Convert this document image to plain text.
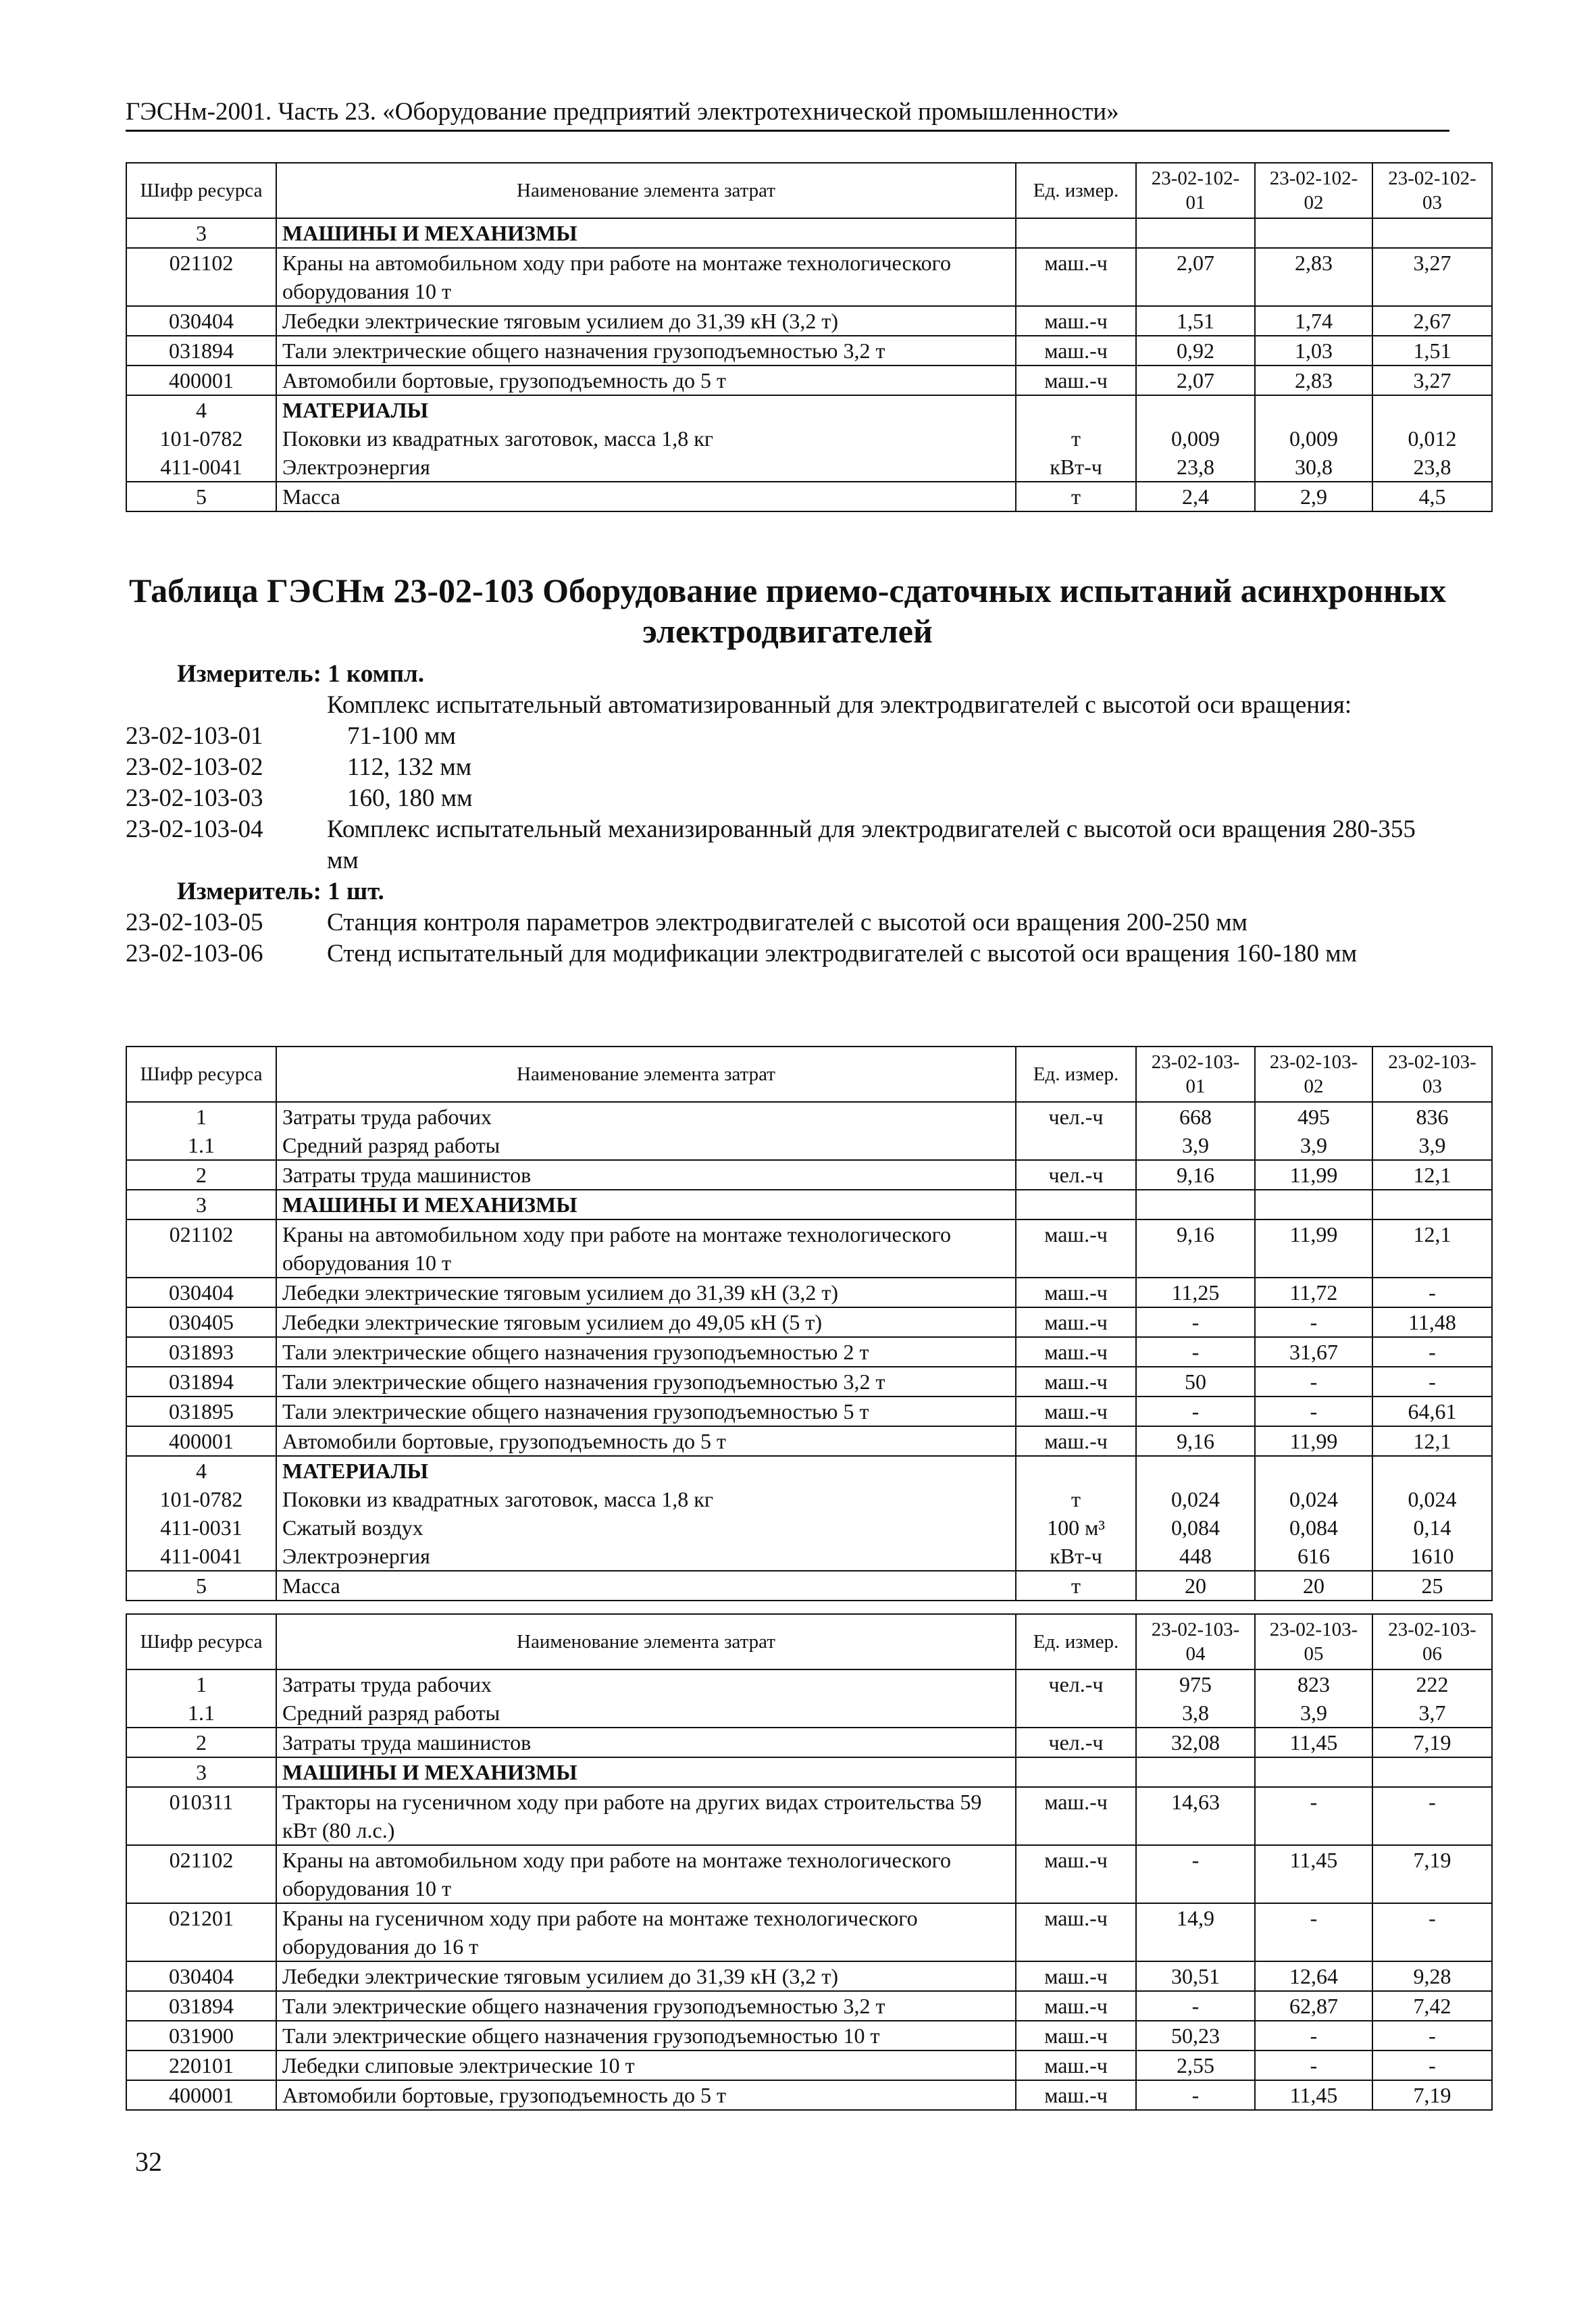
ГЭСНм-2001. Часть 23. «Оборудование предприятий электротехнической промышленности»
Шифр ресурса	Наименование элемента затрат	Ед. измер.	23-02-102-01	23-02-102-02	23-02-102-03
3	МАШИНЫ И МЕХАНИЗМЫ				
021102	Краны на автомобильном ходу при работе на монтаже технологического оборудования 10 т	маш.-ч	2,07	2,83	3,27
030404	Лебедки электрические тяговым усилием до 31,39 кН (3,2 т)	маш.-ч	1,51	1,74	2,67
031894	Тали электрические общего назначения грузоподъемностью 3,2 т	маш.-ч	0,92	1,03	1,51
400001	Автомобили бортовые, грузоподъемность до 5 т	маш.-ч	2,07	2,83	3,27
4	МАТЕРИАЛЫ				
101-0782	Поковки из квадратных заготовок, масса 1,8 кг	т	0,009	0,009	0,012
411-0041	Электроэнергия	кВт-ч	23,8	30,8	23,8
5	Масса	т	2,4	2,9	4,5
Таблица ГЭСНм 23-02-103 Оборудование приемо-сдаточных испытаний асинхронных электродвигателей
Измеритель: 1 компл.
Комплекс испытательный автоматизированный для электродвигателей с высотой оси вращения:
23-02-103-01	71-100 мм
23-02-103-02	112, 132 мм
23-02-103-03	160, 180 мм
23-02-103-04	Комплекс испытательный механизированный для электродвигателей с высотой оси вращения 280-355 мм
Измеритель: 1 шт.
23-02-103-05	Станция контроля параметров электродвигателей с высотой оси вращения 200-250 мм
23-02-103-06	Стенд испытательный для модификации электродвигателей с высотой оси вращения 160-180 мм
Шифр ресурса	Наименование элемента затрат	Ед. измер.	23-02-103-01	23-02-103-02	23-02-103-03
1	Затраты труда рабочих	чел.-ч	668	495	836
1.1	Средний разряд работы		3,9	3,9	3,9
2	Затраты труда машинистов	чел.-ч	9,16	11,99	12,1
3	МАШИНЫ И МЕХАНИЗМЫ				
021102	Краны на автомобильном ходу при работе на монтаже технологического оборудования 10 т	маш.-ч	9,16	11,99	12,1
030404	Лебедки электрические тяговым усилием до 31,39 кН (3,2 т)	маш.-ч	11,25	11,72	-
030405	Лебедки электрические тяговым усилием до 49,05 кН (5 т)	маш.-ч	-	-	11,48
031893	Тали электрические общего назначения грузоподъемностью 2 т	маш.-ч	-	31,67	-
031894	Тали электрические общего назначения грузоподъемностью 3,2 т	маш.-ч	50	-	-
031895	Тали электрические общего назначения грузоподъемностью 5 т	маш.-ч	-	-	64,61
400001	Автомобили бортовые, грузоподъемность до 5 т	маш.-ч	9,16	11,99	12,1
4	МАТЕРИАЛЫ				
101-0782	Поковки из квадратных заготовок, масса 1,8 кг	т	0,024	0,024	0,024
411-0031	Сжатый воздух	100 м³	0,084	0,084	0,14
411-0041	Электроэнергия	кВт-ч	448	616	1610
5	Масса	т	20	20	25
Шифр ресурса	Наименование элемента затрат	Ед. измер.	23-02-103-04	23-02-103-05	23-02-103-06
1	Затраты труда рабочих	чел.-ч	975	823	222
1.1	Средний разряд работы		3,8	3,9	3,7
2	Затраты труда машинистов	чел.-ч	32,08	11,45	7,19
3	МАШИНЫ И МЕХАНИЗМЫ				
010311	Тракторы на гусеничном ходу при работе на других видах строительства 59 кВт (80 л.с.)	маш.-ч	14,63	-	-
021102	Краны на автомобильном ходу при работе на монтаже технологического оборудования 10 т	маш.-ч	-	11,45	7,19
021201	Краны на гусеничном ходу при работе на монтаже технологического оборудования до 16 т	маш.-ч	14,9	-	-
030404	Лебедки электрические тяговым усилием до 31,39 кН (3,2 т)	маш.-ч	30,51	12,64	9,28
031894	Тали электрические общего назначения грузоподъемностью 3,2 т	маш.-ч	-	62,87	7,42
031900	Тали электрические общего назначения грузоподъемностью 10 т	маш.-ч	50,23	-	-
220101	Лебедки слиповые электрические 10 т	маш.-ч	2,55	-	-
400001	Автомобили бортовые, грузоподъемность до 5 т	маш.-ч	-	11,45	7,19
32
